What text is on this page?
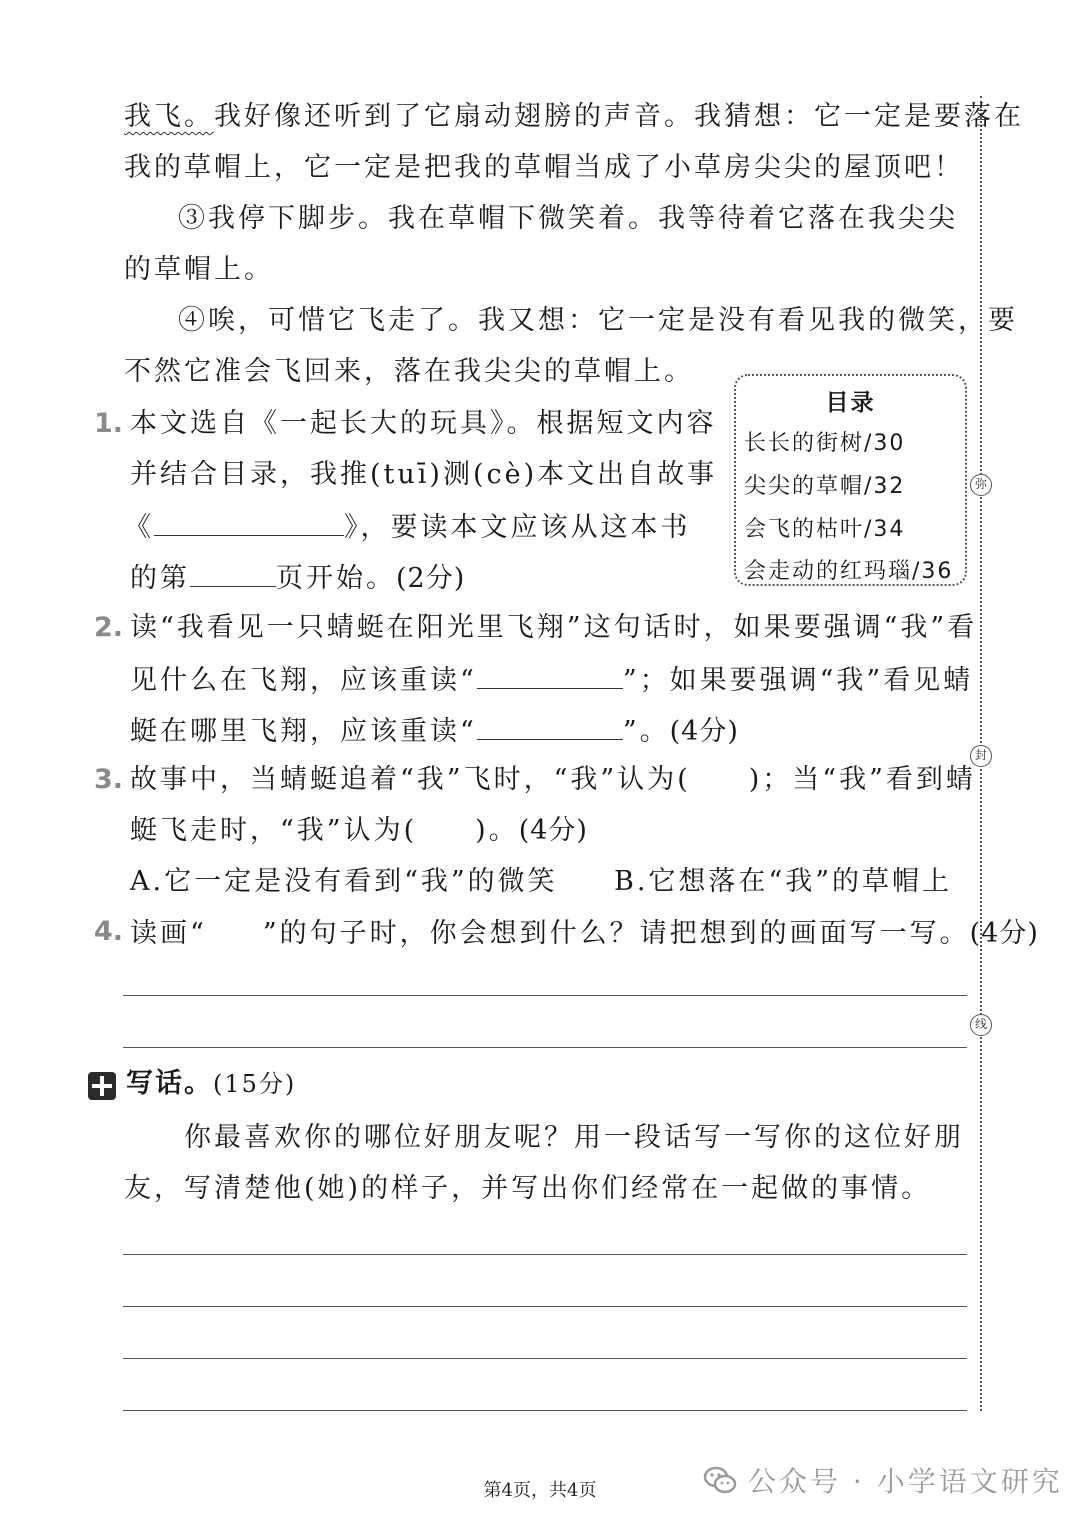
弥
封
线
我飞。我好像还听到了它扇动翅膀的声音。我猜想：它一定是要落在
我的草帽上，它一定是把我的草帽当成了小草房尖尖的屋顶吧！
③我停下脚步。我在草帽下微笑着。我等待着它落在我尖尖
的草帽上。
④唉，可惜它飞走了。我又想：它一定是没有看见我的微笑，要
不然它准会飞回来，落在我尖尖的草帽上。
目录
长长的街树/30
尖尖的草帽/32
会飞的枯叶/34
会走动的红玛瑙/36
1. 本文选自《一起长大的玩具》。根据短文内容
并结合目录，我推(tuī)测(cè)本文出自故事
《	》，要读本文应该从这本书
的第	页开始。(2分)
2. 读“我看见一只蜻蜓在阳光里飞翔”这句话时，如果要强调“我”看
见什么在飞翔，应该重读“	”；如果要强调“我”看见蜻
蜓在哪里飞翔，应该重读“	”。(4分)
3. 故事中，当蜻蜓追着“我”飞时，“我”认为( )；当“我”看到蜻
蜓飞走时，“我”认为( )。(4分)
A.它一定是没有看到“我”的微笑 B.它想落在“我”的草帽上
4. 读画“ ”的句子时，你会想到什么？请把想到的画面写一写。(4分)
写话。(15分)
你最喜欢你的哪位好朋友呢？用一段话写一写你的这位好朋
友，写清楚他(她)的样子，并写出你们经常在一起做的事情。
第4页，共4页	公众号 · 小学语文研究
